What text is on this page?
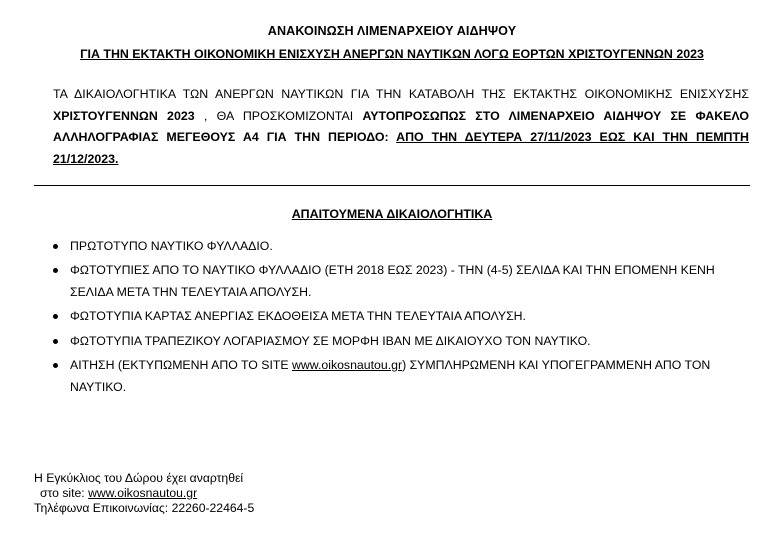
ΑΝΑΚΟΙΝΩΣΗ ΛΙΜΕΝΑΡΧΕΙΟΥ ΑΙΔΗΨΟΥ
ΓΙΑ ΤΗΝ ΕΚΤΑΚΤΗ ΟΙΚΟΝΟΜΙΚΗ ΕΝΙΣΧΥΣΗ ΑΝΕΡΓΩΝ ΝΑΥΤΙΚΩΝ ΛΟΓΩ ΕΟΡΤΩΝ ΧΡΙΣΤΟΥΓΕΝΝΩΝ 2023
ΤΑ ΔΙΚΑΙΟΛΟΓΗΤΙΚΑ ΤΩΝ ΑΝΕΡΓΩΝ ΝΑΥΤΙΚΩΝ ΓΙΑ ΤΗΝ ΚΑΤΑΒΟΛΗ ΤΗΣ ΕΚΤΑΚΤΗΣ ΟΙΚΟΝΟΜΙΚΗΣ ΕΝΙΣΧΥΣΗΣ ΧΡΙΣΤΟΥΓΕΝΝΩΝ 2023 , ΘΑ ΠΡΟΣΚΟΜΙΖΟΝΤΑΙ ΑΥΤΟΠΡΟΣΩΠΩΣ ΣΤΟ ΛΙΜΕΝΑΡΧΕΙΟ ΑΙΔΗΨΟΥ ΣΕ ΦΑΚΕΛΟ ΑΛΛΗΛΟΓΡΑΦΙΑΣ ΜΕΓΕΘΟΥΣ Α4 ΓΙΑ ΤΗΝ ΠΕΡΙΟΔΟ: ΑΠΟ ΤΗΝ ΔΕΥΤΕΡΑ 27/11/2023 ΕΩΣ ΚΑΙ ΤΗΝ ΠΕΜΠΤΗ 21/12/2023.
ΑΠΑΙΤΟΥΜΕΝΑ ΔΙΚΑΙΟΛΟΓΗΤΙΚΑ
ΠΡΩΤΟΤΥΠΟ ΝΑΥΤΙΚΟ ΦΥΛΛΑΔΙΟ.
ΦΩΤΟΤΥΠΙΕΣ ΑΠΟ ΤΟ ΝΑΥΤΙΚΟ ΦΥΛΛΑΔΙΟ (ΕΤΗ 2018 ΕΩΣ 2023) - ΤΗΝ (4-5) ΣΕΛΙΔΑ ΚΑΙ ΤΗΝ ΕΠΟΜΕΝΗ ΚΕΝΗ ΣΕΛΙΔΑ ΜΕΤΑ ΤΗΝ ΤΕΛΕΥΤΑΙΑ ΑΠΟΛΥΣΗ.
ΦΩΤΟΤΥΠΙΑ ΚΑΡΤΑΣ ΑΝΕΡΓΙΑΣ ΕΚΔΟΘΕΙΣΑ ΜΕΤΑ ΤΗΝ ΤΕΛΕΥΤΑΙΑ ΑΠΟΛΥΣΗ.
ΦΩΤΟΤΥΠΙΑ ΤΡΑΠΕΖΙΚΟΥ ΛΟΓΑΡΙΑΣΜΟΥ ΣΕ ΜΟΡΦΗ IBAN ΜΕ ΔΙΚΑΙΟΥΧΟ ΤΟΝ ΝΑΥΤΙΚΟ.
ΑΙΤΗΣΗ (ΕΚΤΥΠΩΜΕΝΗ ΑΠΟ ΤΟ SITE www.oikosnautou.gr) ΣΥΜΠΛΗΡΩΜΕΝΗ ΚΑΙ ΥΠΟΓΕΓΡΑΜΜΕΝΗ ΑΠΟ ΤΟΝ ΝΑΥΤΙΚΟ.
Η Εγκύκλιος του Δώρου έχει αναρτηθεί
στο site: www.oikosnautou.gr
Τηλέφωνα Επικοινωνίας: 22260-22464-5
